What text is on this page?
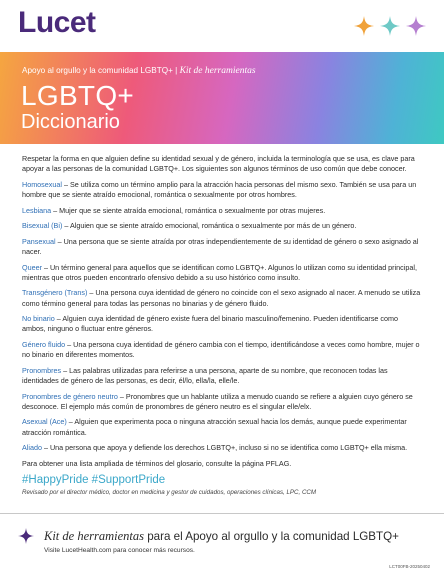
Lucet
Apoyo al orgullo y la comunidad LGBTQ+ | Kit de herramientas
LGBTQ+
Diccionario

Respetar la forma en que alguien define su identidad sexual y de género, incluida la terminología que se usa, es clave para apoyar a las personas de la comunidad LGBTQ+. Los siguientes son algunos términos de uso común que debe conocer.

Homosexual – Se utiliza como un término amplio para la atracción hacia personas del mismo sexo. También se usa para un hombre que se siente atraído emocional, romántica o sexualmente por otros hombres.

Lesbiana – Mujer que se siente atraída emocional, romántica o sexualmente por otras mujeres.

Bisexual (Bi) – Alguien que se siente atraído emocional, romántica o sexualmente por más de un género.

Pansexual – Una persona que se siente atraída por otras independientemente de su identidad de género o sexo asignado al nacer.

Queer – Un término general para aquellos que se identifican como LGBTQ+. Algunos lo utilizan como su identidad principal, mientras que otros pueden encontrarlo ofensivo debido a su uso histórico como insulto.

Transgénero (Trans) – Una persona cuya identidad de género no coincide con el sexo asignado al nacer. A menudo se utiliza como término general para todas las personas no binarias y de género fluido.

No binario – Alguien cuya identidad de género existe fuera del binario masculino/femenino. Pueden identificarse como ambos, ninguno o fluctuar entre géneros.

Género fluido – Una persona cuya identidad de género cambia con el tiempo, identificándose a veces como hombre, mujer o no binario en diferentes momentos.

Pronombres – Las palabras utilizadas para referirse a una persona, aparte de su nombre, que reconocen todas las identidades de género de las personas, es decir, él/lo, ella/la, elle/le.

Pronombres de género neutro – Pronombres que un hablante utiliza a menudo cuando se refiere a alguien cuyo género se desconoce. El ejemplo más común de pronombres de género neutro es el singular elle/elx.

Asexual (Ace) – Alguien que experimenta poca o ninguna atracción sexual hacia los demás, aunque puede experimentar atracción romántica.

Aliado – Una persona que apoya y defiende los derechos LGBTQ+, incluso si no se identifica como LGBTQ+ ella misma.

Para obtener una lista ampliada de términos del glosario, consulte la página PFLAG.

#HappyPride #SupportPride
Revisado por el director médico, doctor en medicina y gestor de cuidados, operaciones clínicas, LPC, CCM
Kit de herramientas para el Apoyo al orgullo y la comunidad LGBTQ+
Visite LucetHealth.com para conocer más recursos.
LCT00FB-20250402
